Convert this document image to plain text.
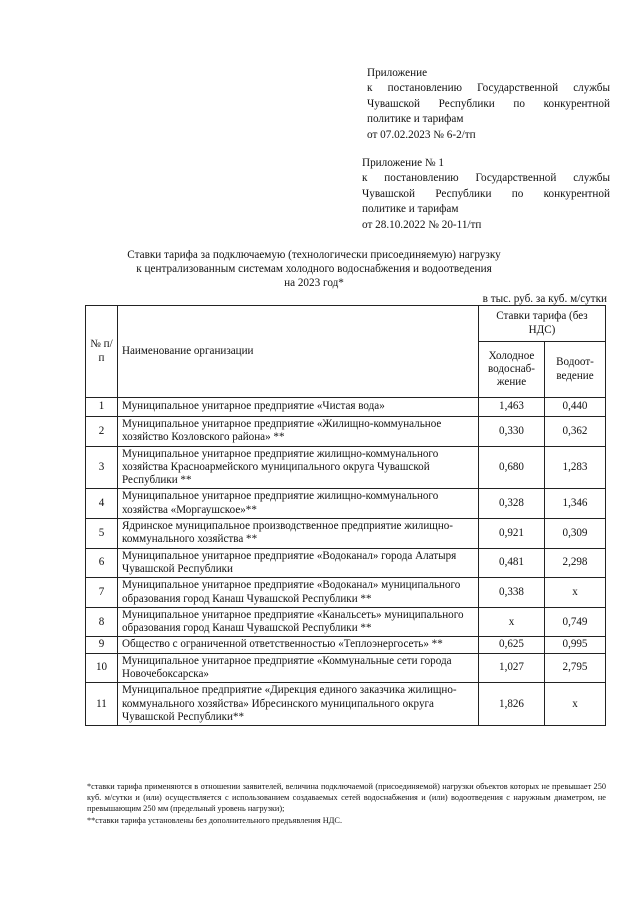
Приложение
к постановлению Государственной службы
Чувашской Республики по конкурентной
политике и тарифам
от 07.02.2023 № 6-2/тп
Приложение № 1
к постановлению Государственной службы
Чувашской Республики по конкурентной
политике и тарифам
от 28.10.2022 № 20-11/тп
Ставки тарифа за подключаемую (технологически присоединяемую) нагрузку
к централизованным системам холодного водоснабжения и водоотведения
на 2023 год*
в тыс. руб. за куб. м/сутки
№ п/п	Наименование организации	Ставки тарифа (без НДС)	
		Холодное водоснаб-жение	Водоот-ведение
1	Муниципальное унитарное предприятие «Чистая вода»	1,463	0,440
2	Муниципальное унитарное предприятие «Жилищно-коммунальное хозяйство Козловского района» **	0,330	0,362
3	Муниципальное унитарное предприятие жилищно-коммунального хозяйства Красноармейского муниципального округа Чувашской Республики **	0,680	1,283
4	Муниципальное унитарное предприятие жилищно-коммунального хозяйства «Моргаушское»**	0,328	1,346
5	Ядринское муниципальное производственное предприятие жилищно-коммунального хозяйства **	0,921	0,309
6	Муниципальное унитарное предприятие «Водоканал» города Алатыря Чувашской Республики	0,481	2,298
7	Муниципальное унитарное предприятие «Водоканал» муниципального образования город Канаш Чувашской Республики **	0,338	х
8	Муниципальное унитарное предприятие «Канальсеть» муниципального образования город Канаш Чувашской Республики **	х	0,749
9	Общество с ограниченной ответственностью «Теплоэнергосеть» **	0,625	0,995
10	Муниципальное унитарное предприятие «Коммунальные сети города Новочебоксарска»	1,027	2,795
11	Муниципальное предприятие «Дирекция единого заказчика жилищно-коммунального хозяйства» Ибресинского муниципального округа Чувашской Республики**	1,826	х

*ставки тарифа применяются в отношении заявителей, величина подключаемой (присоединяемой) нагрузки объектов которых не превышает 250 куб. м/сутки и (или) осуществляется с использованием создаваемых сетей водоснабжения и (или) водоотведения с наружным диаметром, не превышающим 250 мм (предельный уровень нагрузки);

**ставки тарифа установлены без дополнительного предъявления НДС.
